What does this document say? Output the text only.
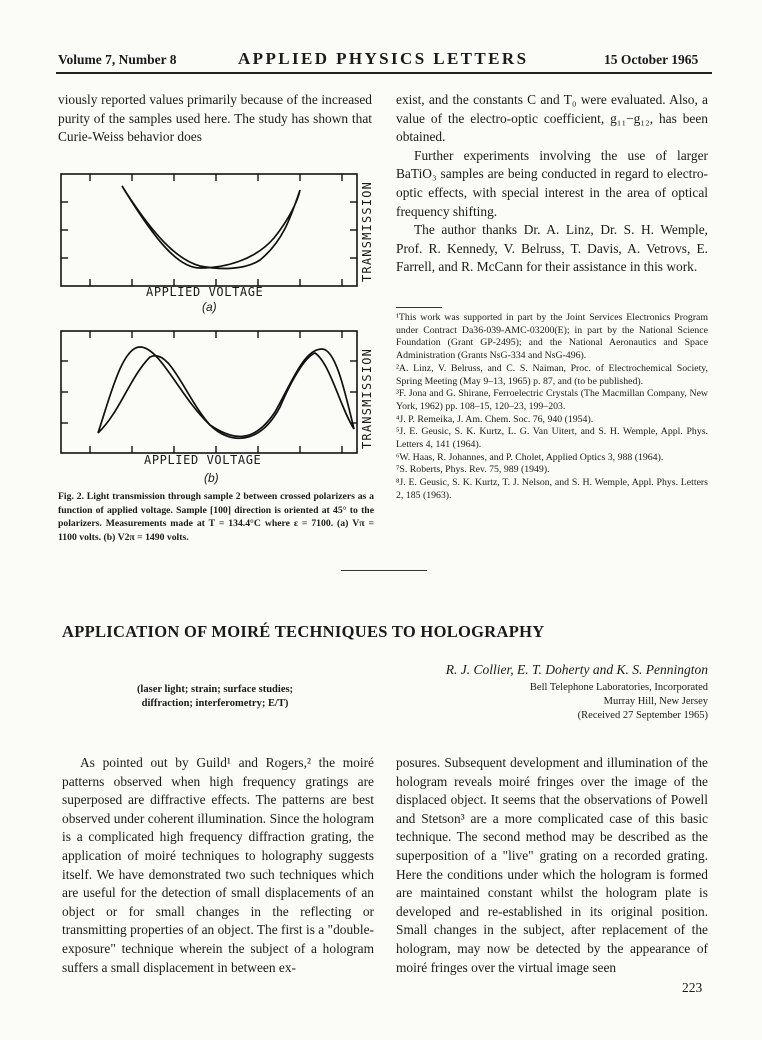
Volume 7, Number 8	APPLIED PHYSICS LETTERS	15 October 1965

viously reported values primarily because of the increased purity of the samples used here. The study has shown that Curie-Weiss behavior does

APPLIED VOLTAGE
TRANSMISSION
(a)
APPLIED VOLTAGE
TRANSMISSION
(b)
Fig. 2. Light transmission through sample 2 between crossed polarizers as a function of applied voltage. Sample [100] direction is oriented at 45° to the polarizers. Measurements made at T = 134.4°C where ε = 7100. (a) Vπ = 1100 volts. (b) V2π = 1490 volts.

exist, and the constants C and T₀ were evaluated. Also, a value of the electro-optic coefficient, g₁₁−g₁₂, has been obtained.

Further experiments involving the use of larger BaTiO₃ samples are being conducted in regard to electro-optic effects, with special interest in the area of optical frequency shifting.

The author thanks Dr. A. Linz, Dr. S. H. Wemple, Prof. R. Kennedy, V. Belruss, T. Davis, A. Vetrovs, E. Farrell, and R. McCann for their assistance in this work.

¹This work was supported in part by the Joint Services Electronics Program under Contract Da36-039-AMC-03200(E); in part by the National Science Foundation (Grant GP-2495); and the National Aeronautics and Space Administration (Grants NsG-334 and NsG-496).

²A. Linz, V. Belruss, and C. S. Naiman, Proc. of Electrochemical Society, Spring Meeting (May 9–13, 1965) p. 87, and (to be published).

³F. Jona and G. Shirane, Ferroelectric Crystals (The Macmillan Company, New York, 1962) pp. 108–15, 120–23, 199–203.

⁴J. P. Remeika, J. Am. Chem. Soc. 76, 940 (1954).

⁵J. E. Geusic, S. K. Kurtz, L. G. Van Uitert, and S. H. Wemple, Appl. Phys. Letters 4, 141 (1964).

⁶W. Haas, R. Johannes, and P. Cholet, Applied Optics 3, 988 (1964).

⁷S. Roberts, Phys. Rev. 75, 989 (1949).

⁸J. E. Geusic, S. K. Kurtz, T. J. Nelson, and S. H. Wemple, Appl. Phys. Letters 2, 185 (1963).

APPLICATION OF MOIRÉ TECHNIQUES TO HOLOGRAPHY
R. J. Collier, E. T. Doherty and K. S. Pennington
Bell Telephone Laboratories, Incorporated
Murray Hill, New Jersey
(Received 27 September 1965)
(laser light; strain; surface studies;
diffraction; interferometry; E/T)

As pointed out by Guild¹ and Rogers,² the moiré patterns observed when high frequency gratings are superposed are diffractive effects. The patterns are best observed under coherent illumination. Since the hologram is a complicated high frequency diffraction grating, the application of moiré techniques to holography suggests itself. We have demonstrated two such techniques which are useful for the detection of small displacements of an object or for small changes in the reflecting or transmitting properties of an object. The first is a "double-exposure" technique wherein the subject of a hologram suffers a small displacement in between ex-

posures. Subsequent development and illumination of the hologram reveals moiré fringes over the image of the displaced object. It seems that the observations of Powell and Stetson³ are a more complicated case of this basic technique. The second method may be described as the superposition of a "live" grating on a recorded grating. Here the conditions under which the hologram is formed are maintained constant whilst the hologram plate is developed and re-established in its original position. Small changes in the subject, after replacement of the hologram, may now be detected by the appearance of moiré fringes over the virtual image seen

223
